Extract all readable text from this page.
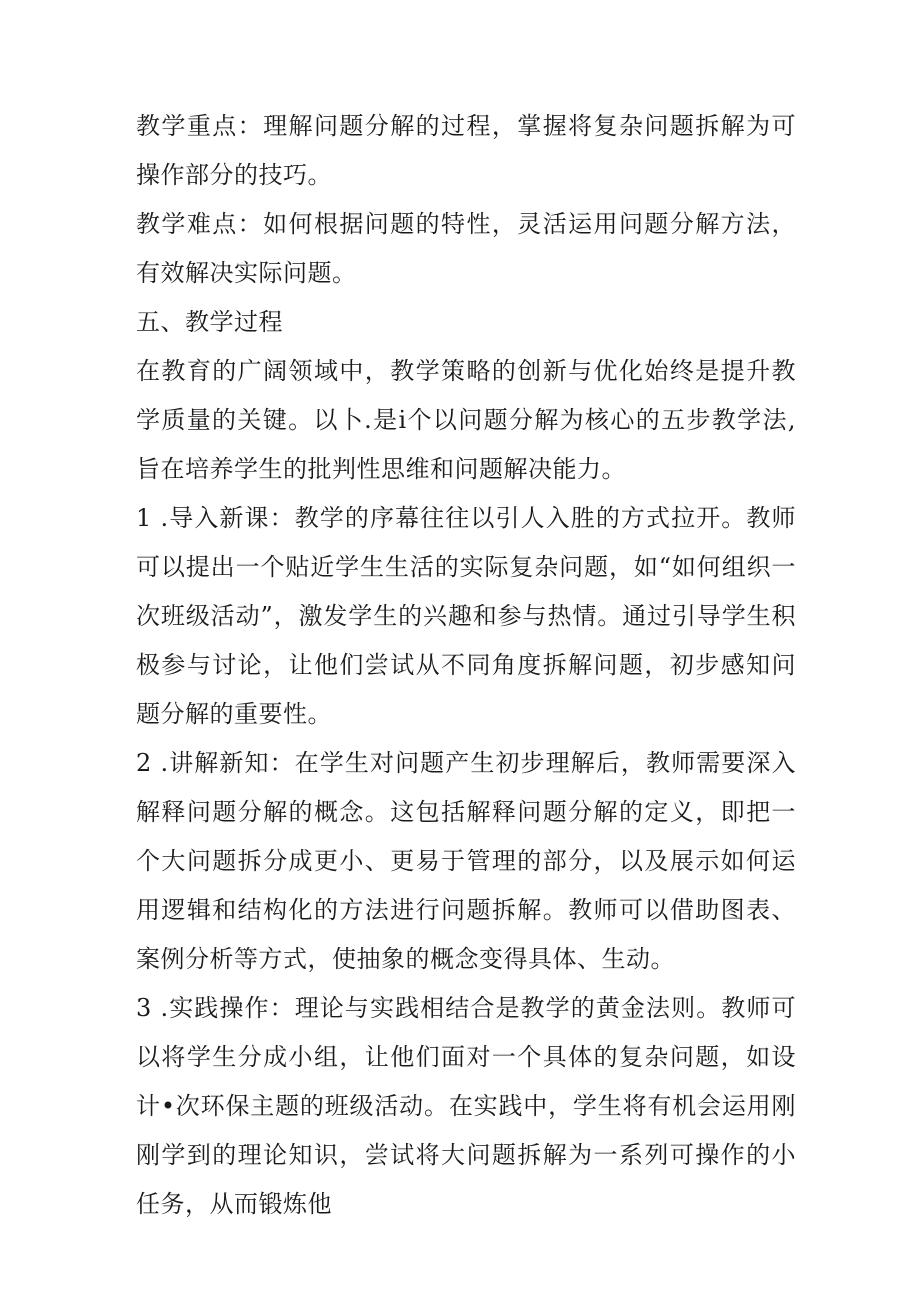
教学重点：理解问题分解的过程，掌握将复杂问题拆解为可操作部分的技巧。

教学难点：如何根据问题的特性，灵活运用问题分解方法，有效解决实际问题。

五、教学过程

在教育的广阔领域中，教学策略的创新与优化始终是提升教学质量的关键。以卜.是i个以问题分解为核心的五步教学法,旨在培养学生的批判性思维和问题解决能力。

1 .导入新课：教学的序幕往往以引人入胜的方式拉开。教师可以提出一个贴近学生生活的实际复杂问题，如“如何组织一次班级活动”，激发学生的兴趣和参与热情。通过引导学生积极参与讨论，让他们尝试从不同角度拆解问题，初步感知问题分解的重要性。

2 .讲解新知：在学生对问题产生初步理解后，教师需要深入解释问题分解的概念。这包括解释问题分解的定义，即把一个大问题拆分成更小、更易于管理的部分，以及展示如何运用逻辑和结构化的方法进行问题拆解。教师可以借助图表、案例分析等方式，使抽象的概念变得具体、生动。

3 .实践操作：理论与实践相结合是教学的黄金法则。教师可以将学生分成小组，让他们面对一个具体的复杂问题，如设计•次环保主题的班级活动。在实践中，学生将有机会运用刚刚学到的理论知识，尝试将大问题拆解为一系列可操作的小任务，从而锻炼他
